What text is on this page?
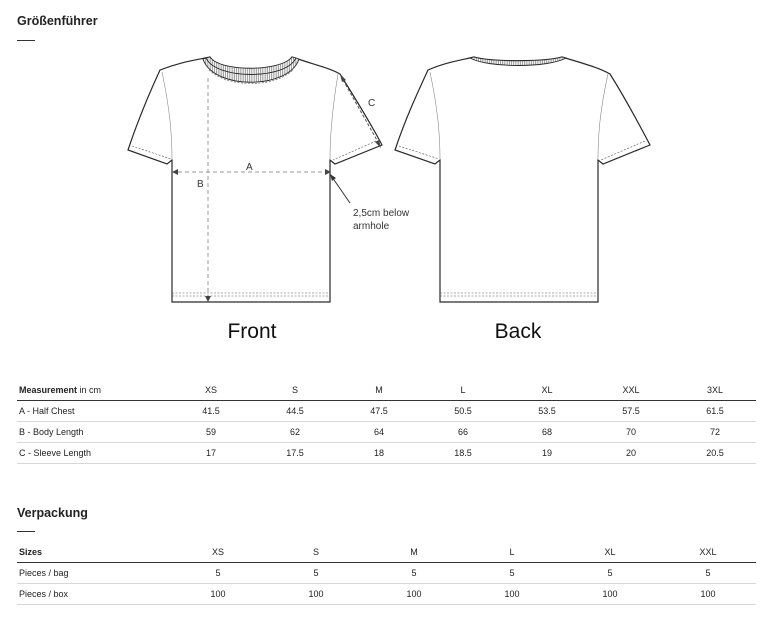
Größenführer
A
B
C
2,5cm below
armhole
Front	Back
Measurement in cm	XS	S	M	L	XL	XXL	3XL
A - Half Chest	41.5	44.5	47.5	50.5	53.5	57.5	61.5
B - Body Length	59	62	64	66	68	70	72
C - Sleeve Length	17	17.5	18	18.5	19	20	20.5
Verpackung
Sizes	XS	S	M	L	XL	XXL
Pieces / bag	5	5	5	5	5	5
Pieces / box	100	100	100	100	100	100
